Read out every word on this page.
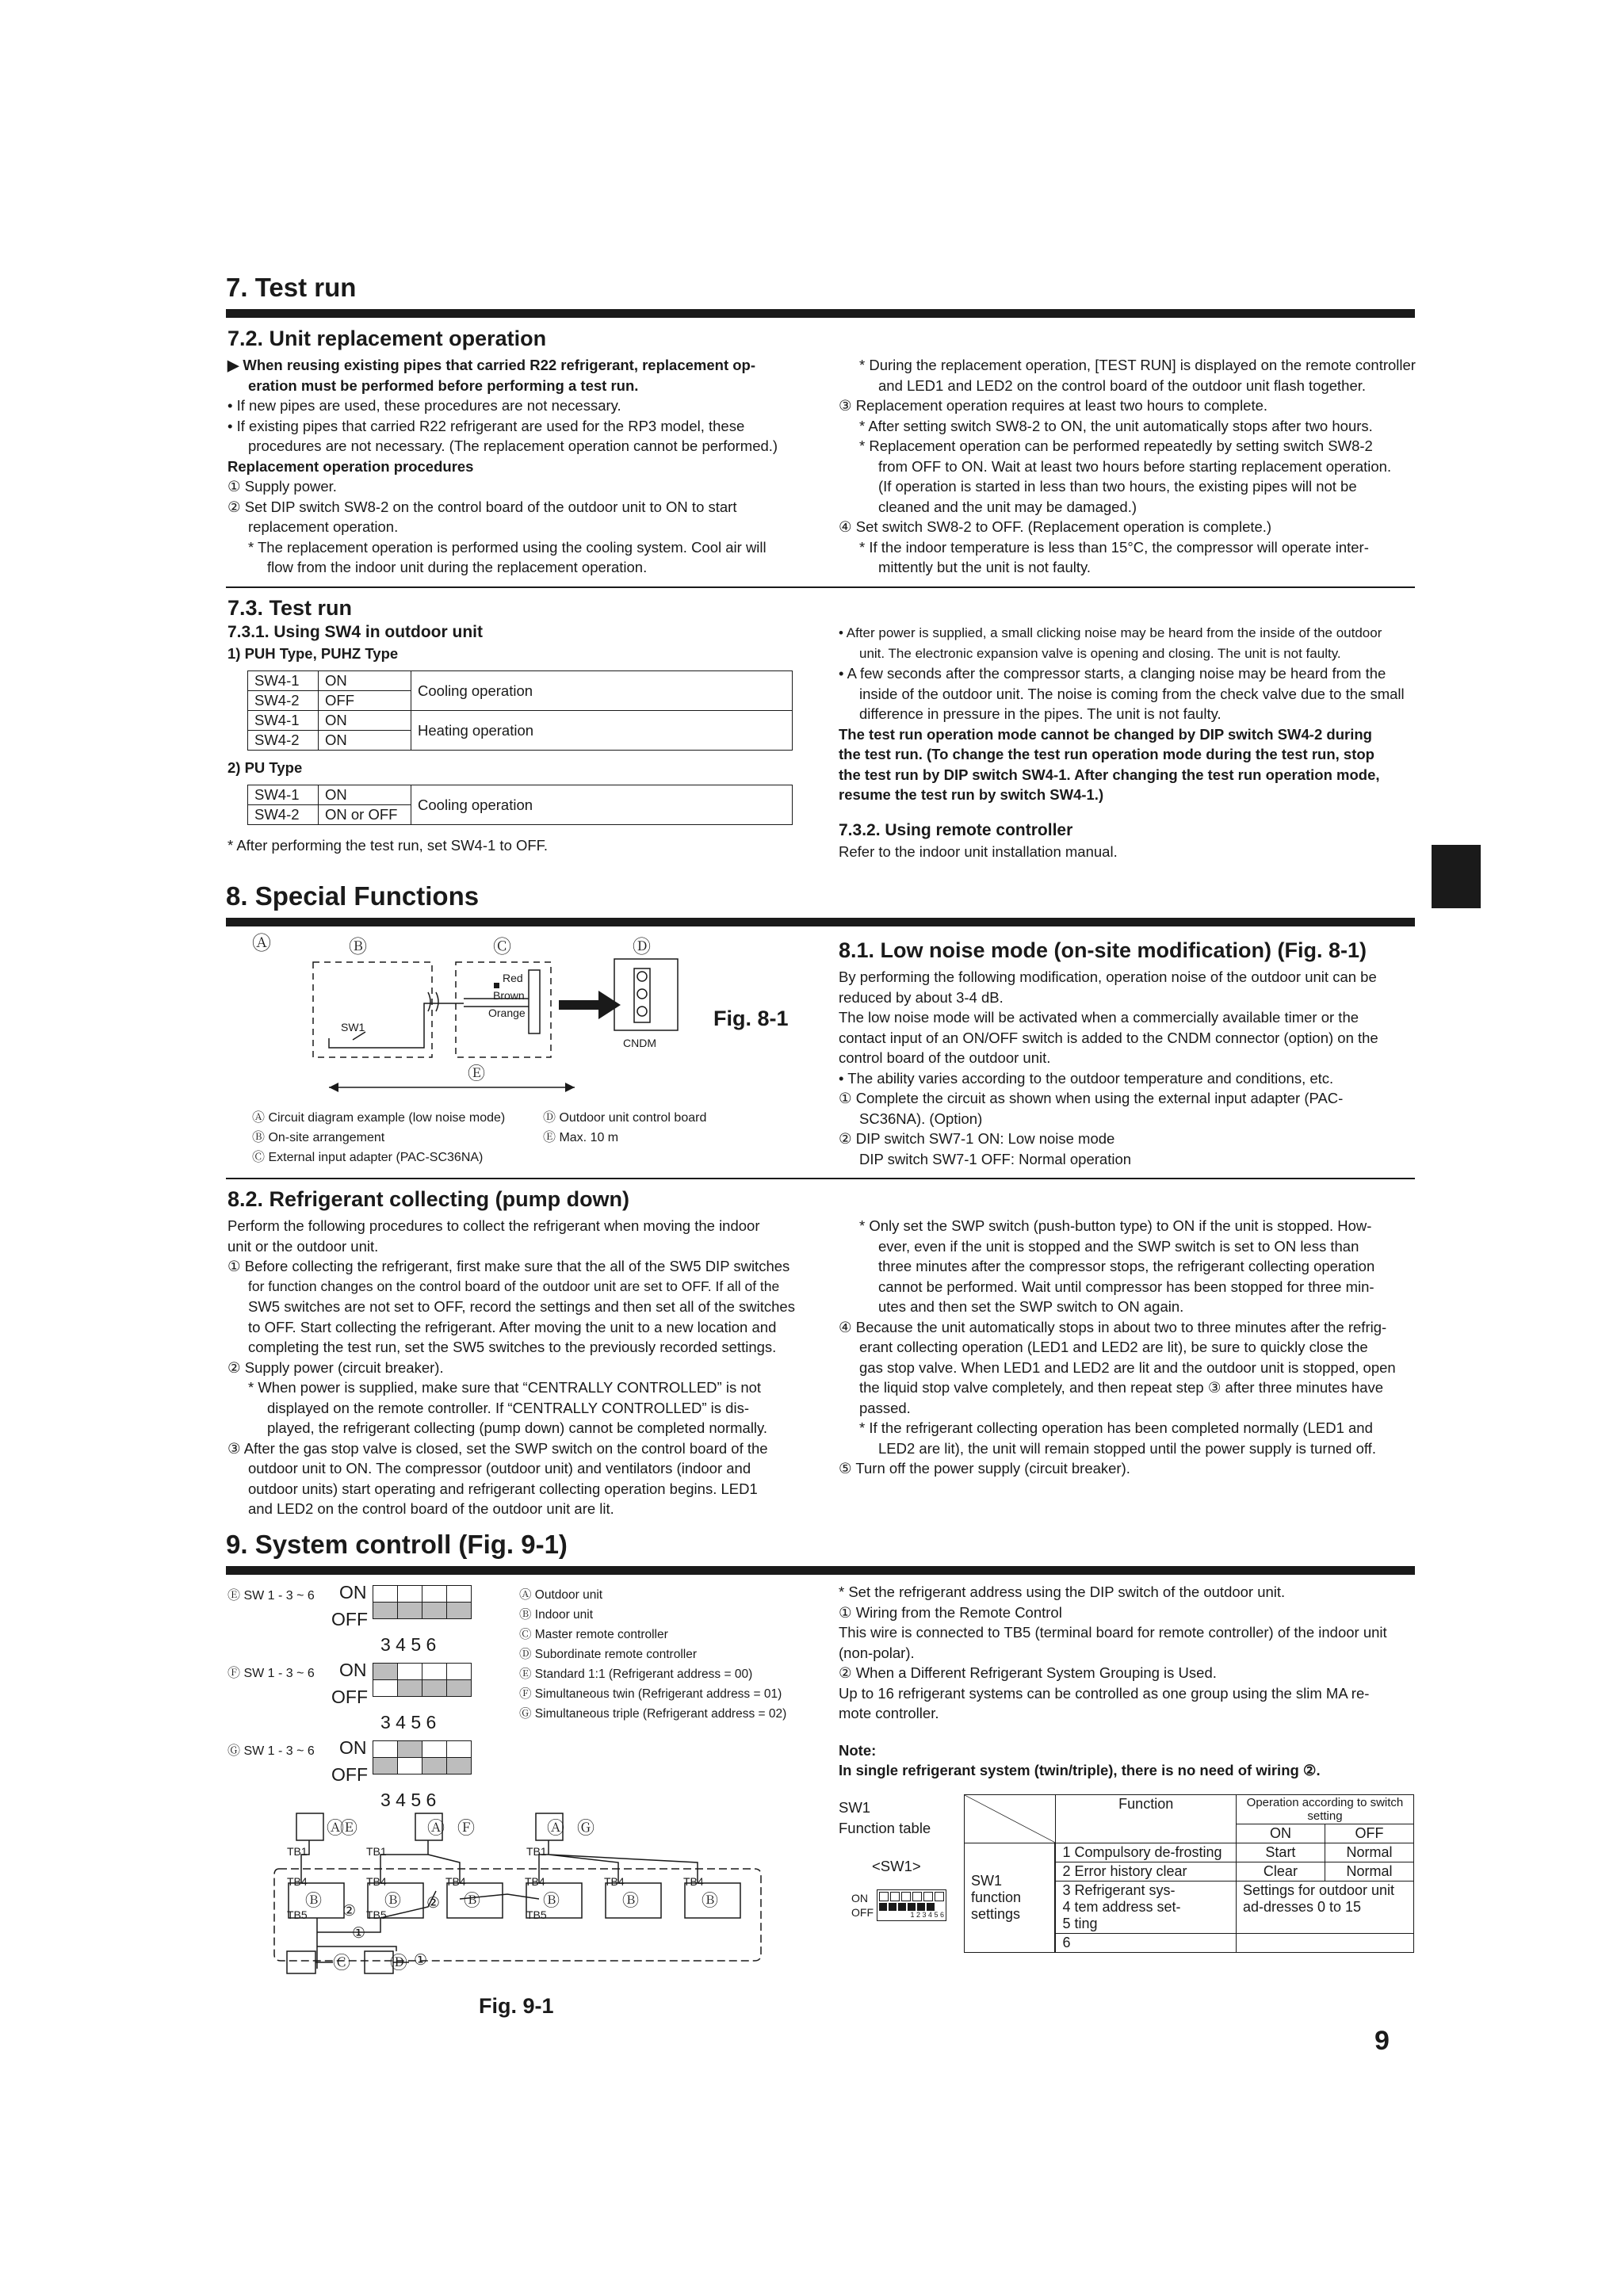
7. Test run
7.2. Unit replacement operation
▶ When reusing existing pipes that carried R22 refrigerant, replacement op-
eration must be performed before performing a test run.
• If new pipes are used, these procedures are not necessary.
• If existing pipes that carried R22 refrigerant are used for the RP3 model, these
procedures are not necessary. (The replacement operation cannot be performed.)
Replacement operation procedures
① Supply power.
② Set DIP switch SW8-2 on the control board of the outdoor unit to ON to start
replacement operation.
* The replacement operation is performed using the cooling system. Cool air will
flow from the indoor unit during the replacement operation.
* During the replacement operation, [TEST RUN] is displayed on the remote controller
and LED1 and LED2 on the control board of the outdoor unit flash together.
③ Replacement operation requires at least two hours to complete.
* After setting switch SW8-2 to ON, the unit automatically stops after two hours.
* Replacement operation can be performed repeatedly by setting switch SW8-2
from OFF to ON. Wait at least two hours before starting replacement operation.
(If operation is started in less than two hours, the existing pipes will not be
cleaned and the unit may be damaged.)
④ Set switch SW8-2 to OFF. (Replacement operation is complete.)
* If the indoor temperature is less than 15°C, the compressor will operate inter-
mittently but the unit is not faulty.
7.3. Test run
7.3.1. Using SW4 in outdoor unit
1) PUH Type, PUHZ Type
SW4-1	ON	Cooling operation
SW4-2	OFF	
SW4-1	ON	Heating operation
SW4-2	ON	
2) PU Type
SW4-1	ON	Cooling operation
SW4-2	ON or OFF	
* After performing the test run, set SW4-1 to OFF.
• After power is supplied, a small clicking noise may be heard from the inside of the outdoor
unit. The electronic expansion valve is opening and closing. The unit is not faulty.
• A few seconds after the compressor starts, a clanging noise may be heard from the
inside of the outdoor unit. The noise is coming from the check valve due to the small
difference in pressure in the pipes. The unit is not faulty.
The test run operation mode cannot be changed by DIP switch SW4-2 during
the test run. (To change the test run operation mode during the test run, stop
the test run by DIP switch SW4-1. After changing the test run operation mode,
resume the test run by switch SW4-1.)
7.3.2. Using remote controller
Refer to the indoor unit installation manual.
8. Special Functions
Ⓐ	Ⓑ	Ⓒ	Ⓓ
Red
Brown
Orange
SW1
CNDM
Fig. 8-1
Ⓔ
Ⓐ Circuit diagram example (low noise mode)
Ⓑ On-site arrangement
Ⓒ External input adapter (PAC-SC36NA)
Ⓓ Outdoor unit control board
Ⓔ Max. 10 m
8.1. Low noise mode (on-site modification) (Fig. 8-1)
By performing the following modification, operation noise of the outdoor unit can be
reduced by about 3-4 dB.
The low noise mode will be activated when a commercially available timer or the
contact input of an ON/OFF switch is added to the CNDM connector (option) on the
control board of the outdoor unit.
• The ability varies according to the outdoor temperature and conditions, etc.
① Complete the circuit as shown when using the external input adapter (PAC-
SC36NA). (Option)
② DIP switch SW7-1 ON: Low noise mode
DIP switch SW7-1 OFF: Normal operation
8.2. Refrigerant collecting (pump down)
Perform the following procedures to collect the refrigerant when moving the indoor
unit or the outdoor unit.
① Before collecting the refrigerant, first make sure that the all of the SW5 DIP switches
for function changes on the control board of the outdoor unit are set to OFF. If all of the
SW5 switches are not set to OFF, record the settings and then set all of the switches
to OFF. Start collecting the refrigerant. After moving the unit to a new location and
completing the test run, set the SW5 switches to the previously recorded settings.
② Supply power (circuit breaker).
* When power is supplied, make sure that “CENTRALLY CONTROLLED” is not
displayed on the remote controller. If “CENTRALLY CONTROLLED” is dis-
played, the refrigerant collecting (pump down) cannot be completed normally.
③ After the gas stop valve is closed, set the SWP switch on the control board of the
outdoor unit to ON. The compressor (outdoor unit) and ventilators (indoor and
outdoor units) start operating and refrigerant collecting operation begins. LED1
and LED2 on the control board of the outdoor unit are lit.
* Only set the SWP switch (push-button type) to ON if the unit is stopped. How-
ever, even if the unit is stopped and the SWP switch is set to ON less than
three minutes after the compressor stops, the refrigerant collecting operation
cannot be performed. Wait until compressor has been stopped for three min-
utes and then set the SWP switch to ON again.
④ Because the unit automatically stops in about two to three minutes after the refrig-
erant collecting operation (LED1 and LED2 are lit), be sure to quickly close the
gas stop valve. When LED1 and LED2 are lit and the outdoor unit is stopped, open
the liquid stop valve completely, and then repeat step ③ after three minutes have
passed.
* If the refrigerant collecting operation has been completed normally (LED1 and
LED2 are lit), the unit will remain stopped until the power supply is turned off.
⑤ Turn off the power supply (circuit breaker).
9. System controll (Fig. 9-1)
Ⓔ SW 1 - 3 ~ 6 ON
OFF

3 4 5 6
Ⓕ SW 1 - 3 ~ 6 ON
OFF

3 4 5 6
Ⓖ SW 1 - 3 ~ 6 ON
OFF

3 4 5 6
Ⓐ Outdoor unit
Ⓑ Indoor unit
Ⓒ Master remote controller
Ⓓ Subordinate remote controller
Ⓔ Standard 1:1 (Refrigerant address = 00)
Ⓕ Simultaneous twin (Refrigerant address = 01)
Ⓖ Simultaneous triple (Refrigerant address = 02)
Ⓐ
Ⓔ	Ⓐ Ⓕ	Ⓐ Ⓖ
TB1	TB1	TB1
TB4	TB4	TB4	TB4	TB4	TB4
Ⓑ	Ⓑ	Ⓑ	Ⓑ	Ⓑ	Ⓑ
TB5	TB5	TB5
②	②
①
Ⓒ Ⓓ ①
Fig. 9-1
* Set the refrigerant address using the DIP switch of the outdoor unit.
① Wiring from the Remote Control
This wire is connected to TB5 (terminal board for remote controller) of the indoor unit
(non-polar).
② When a Different Refrigerant System Grouping is Used.
Up to 16 refrigerant systems can be controlled as one group using the slim MA re-
mote controller.
Note:
In single refrigerant system (twin/triple), there is no need of wiring ②.
SW1
Function table
<SW1>
ON
OFF	1 2 3 4 5 6
	Function	Operation according to switch setting	
		ON	OFF
SW1 function settings		1 Compulsory de-frosting	Start	Normal
	2 Error history clear	Clear	Normal

	3 Refrigerant sys-
4 tem address set-
5 ting	Settings for outdoor unit ad-dresses 0 to 15	
	6		
9
